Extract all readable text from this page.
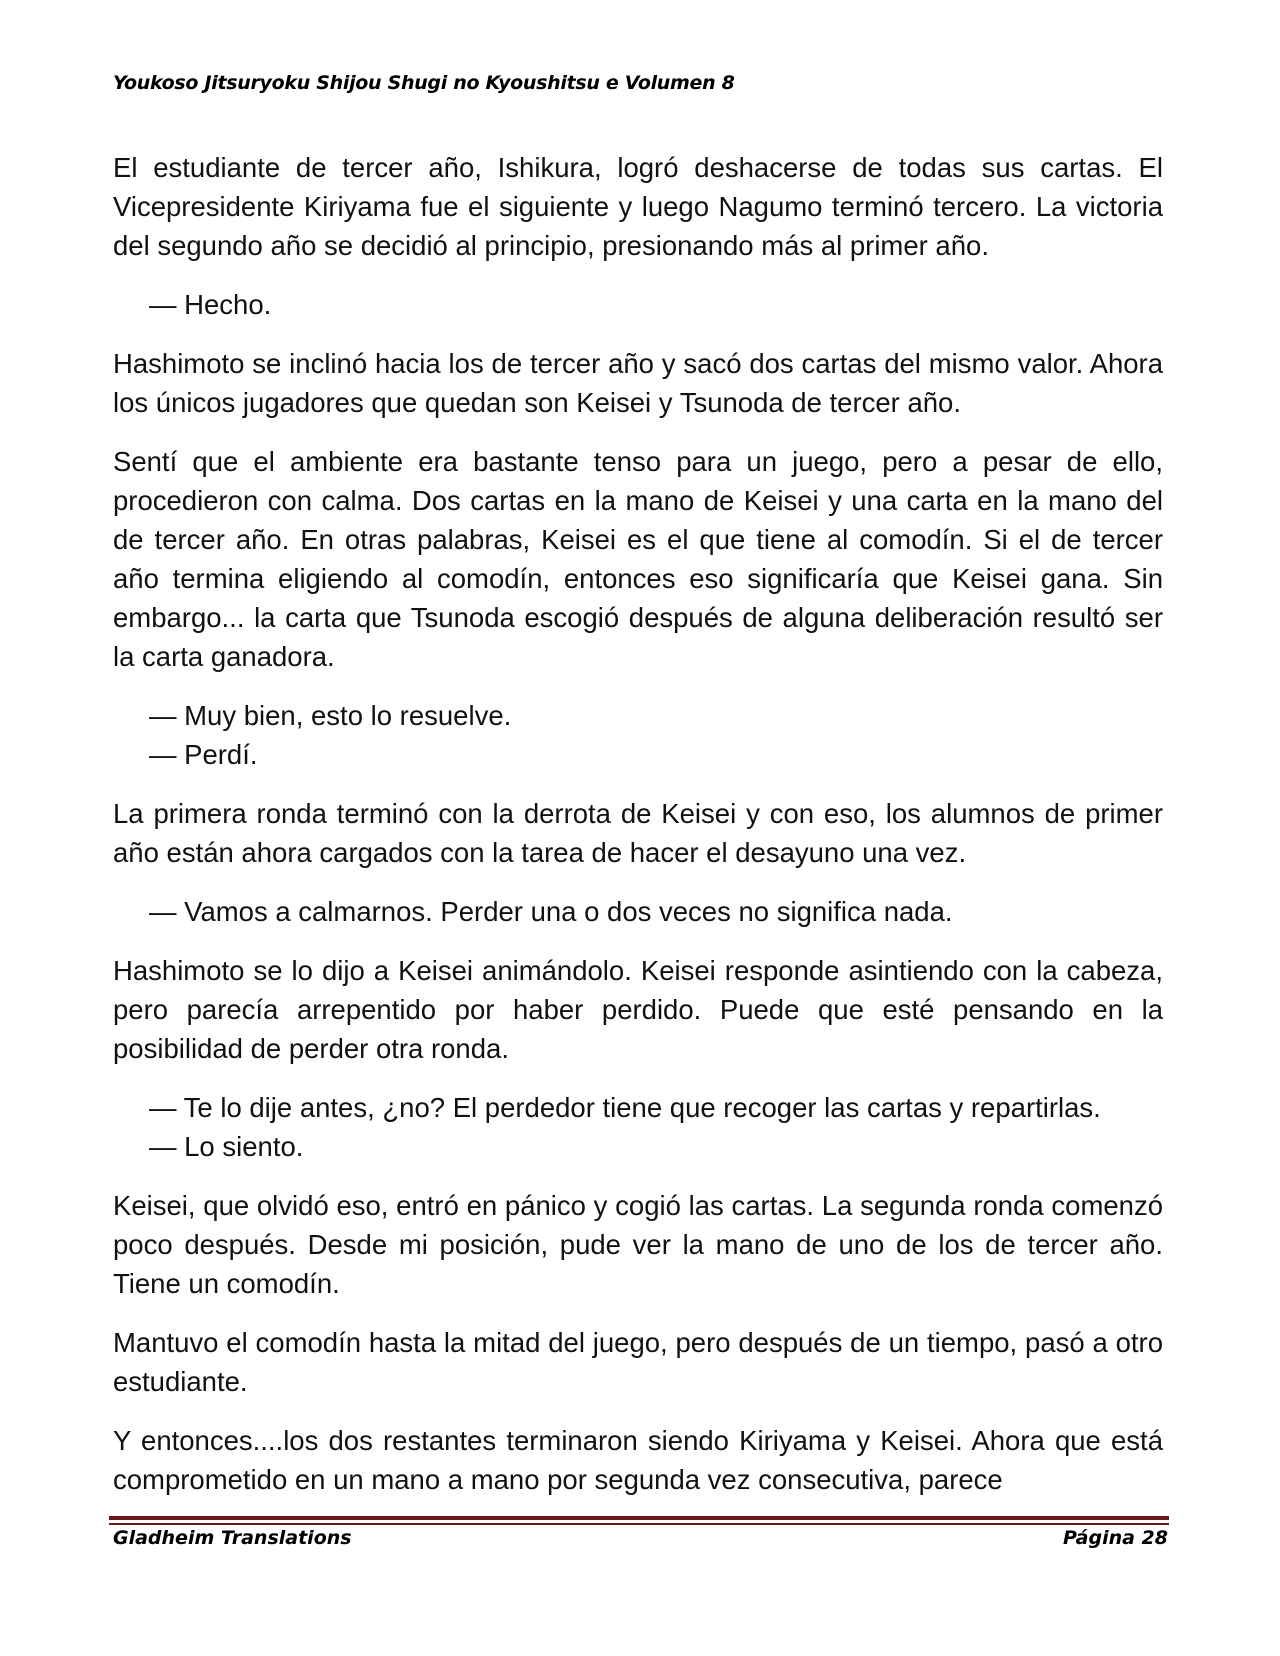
Youkoso Jitsuryoku Shijou Shugi no Kyoushitsu e Volumen 8

El estudiante de tercer año, Ishikura, logró deshacerse de todas sus cartas. El Vicepresidente Kiriyama fue el siguiente y luego Nagumo terminó tercero. La victoria del segundo año se decidió al principio, presionando más al primer año.

— Hecho.

Hashimoto se inclinó hacia los de tercer año y sacó dos cartas del mismo valor. Ahora los únicos jugadores que quedan son Keisei y Tsunoda de tercer año.

Sentí que el ambiente era bastante tenso para un juego, pero a pesar de ello, procedieron con calma. Dos cartas en la mano de Keisei y una carta en la mano del de tercer año. En otras palabras, Keisei es el que tiene al comodín. Si el de tercer año termina eligiendo al comodín, entonces eso significaría que Keisei gana. Sin embargo... la carta que Tsunoda escogió después de alguna deliberación resultó ser la carta ganadora.

— Muy bien, esto lo resuelve.

— Perdí.

La primera ronda terminó con la derrota de Keisei y con eso, los alumnos de primer año están ahora cargados con la tarea de hacer el desayuno una vez.

— Vamos a calmarnos. Perder una o dos veces no significa nada.

Hashimoto se lo dijo a Keisei animándolo. Keisei responde asintiendo con la cabeza, pero parecía arrepentido por haber perdido. Puede que esté pensando en la posibilidad de perder otra ronda.

— Te lo dije antes, ¿no? El perdedor tiene que recoger las cartas y repartirlas.

— Lo siento.

Keisei, que olvidó eso, entró en pánico y cogió las cartas. La segunda ronda comenzó poco después. Desde mi posición, pude ver la mano de uno de los de tercer año. Tiene un comodín.

Mantuvo el comodín hasta la mitad del juego, pero después de un tiempo, pasó a otro estudiante.

Y entonces....los dos restantes terminaron siendo Kiriyama y Keisei. Ahora que está comprometido en un mano a mano por segunda vez consecutiva, parece

Gladheim Translations	Página 28
